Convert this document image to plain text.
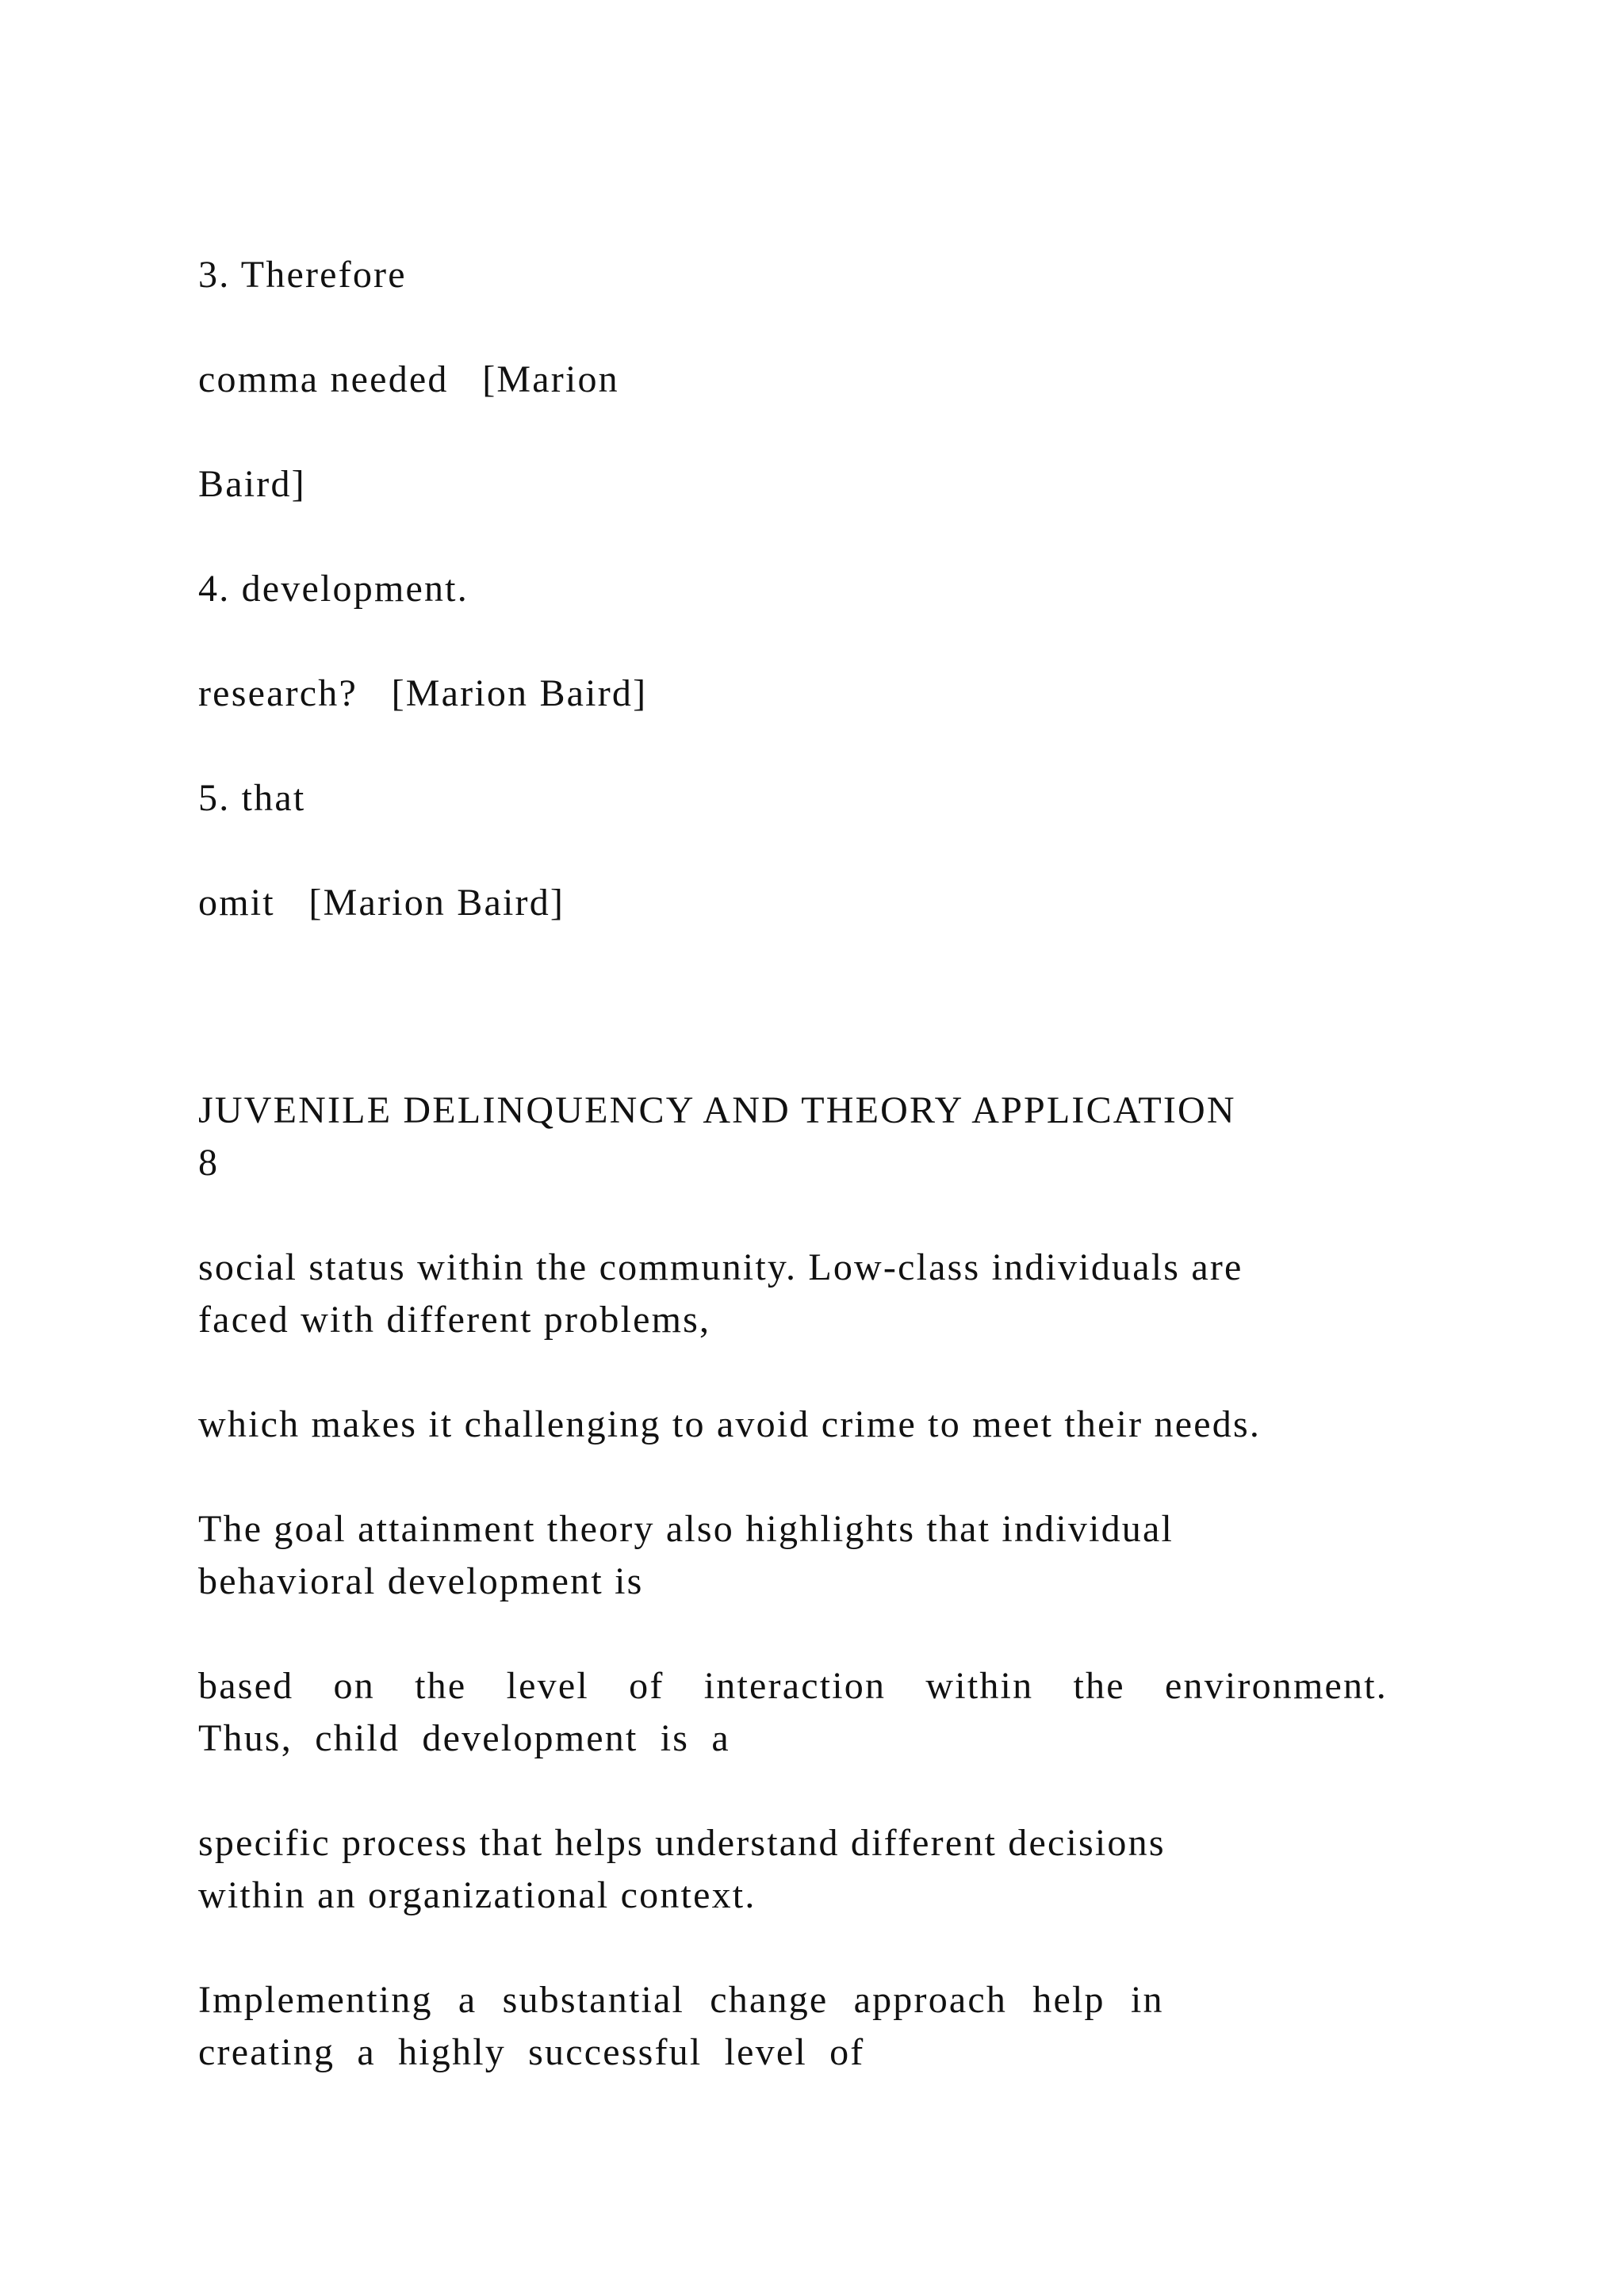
3. Therefore

comma needed   [Marion

Baird]

4. development.

research?   [Marion Baird]

5. that

omit   [Marion Baird]

JUVENILE DELINQUENCY AND THEORY APPLICATION

8

social status within the community. Low-class individuals are

faced with different problems,

which makes it challenging to avoid crime to meet their needs.

The goal attainment theory also highlights that individual

behavioral development is

based on the level of interaction within the environment.

Thus, child development is a

specific process that helps understand different decisions

within an organizational context.

Implementing a substantial change approach help in

creating a highly successful level of
